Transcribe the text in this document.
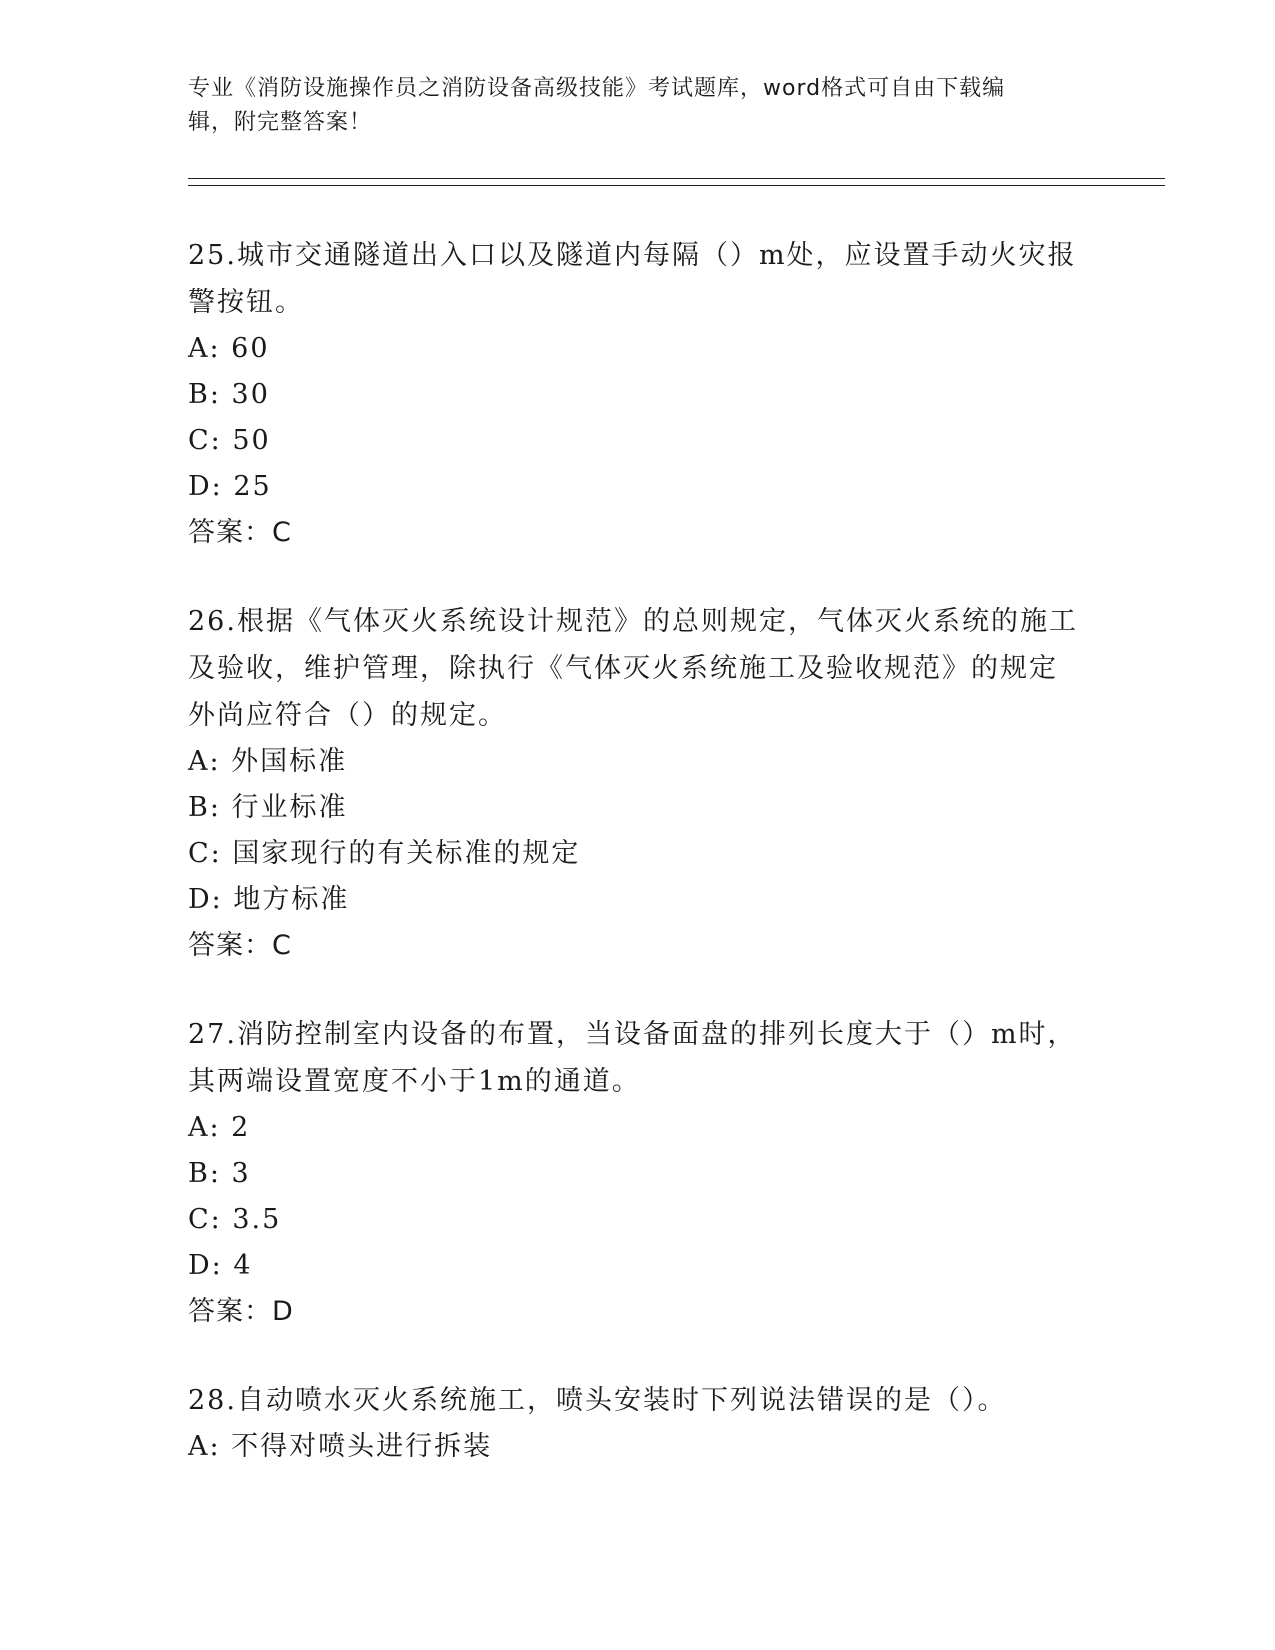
专业《消防设施操作员之消防设备高级技能》考试题库，word格式可自由下载编
辑，附完整答案！
25.城市交通隧道出入口以及隧道内每隔（）m处，应设置手动火灾报
警按钮。
A: 60
B: 30
C: 50
D: 25
答案：C
26.根据《气体灭火系统设计规范》的总则规定，气体灭火系统的施工
及验收，维护管理，除执行《气体灭火系统施工及验收规范》的规定
外尚应符合（）的规定。
A: 外国标准
B: 行业标准
C: 国家现行的有关标准的规定
D: 地方标准
答案：C
27.消防控制室内设备的布置，当设备面盘的排列长度大于（）m时，
其两端设置宽度不小于1m的通道。
A: 2
B: 3
C: 3.5
D: 4
答案：D
28.自动喷水灭火系统施工，喷头安装时下列说法错误的是（）。
A: 不得对喷头进行拆装
